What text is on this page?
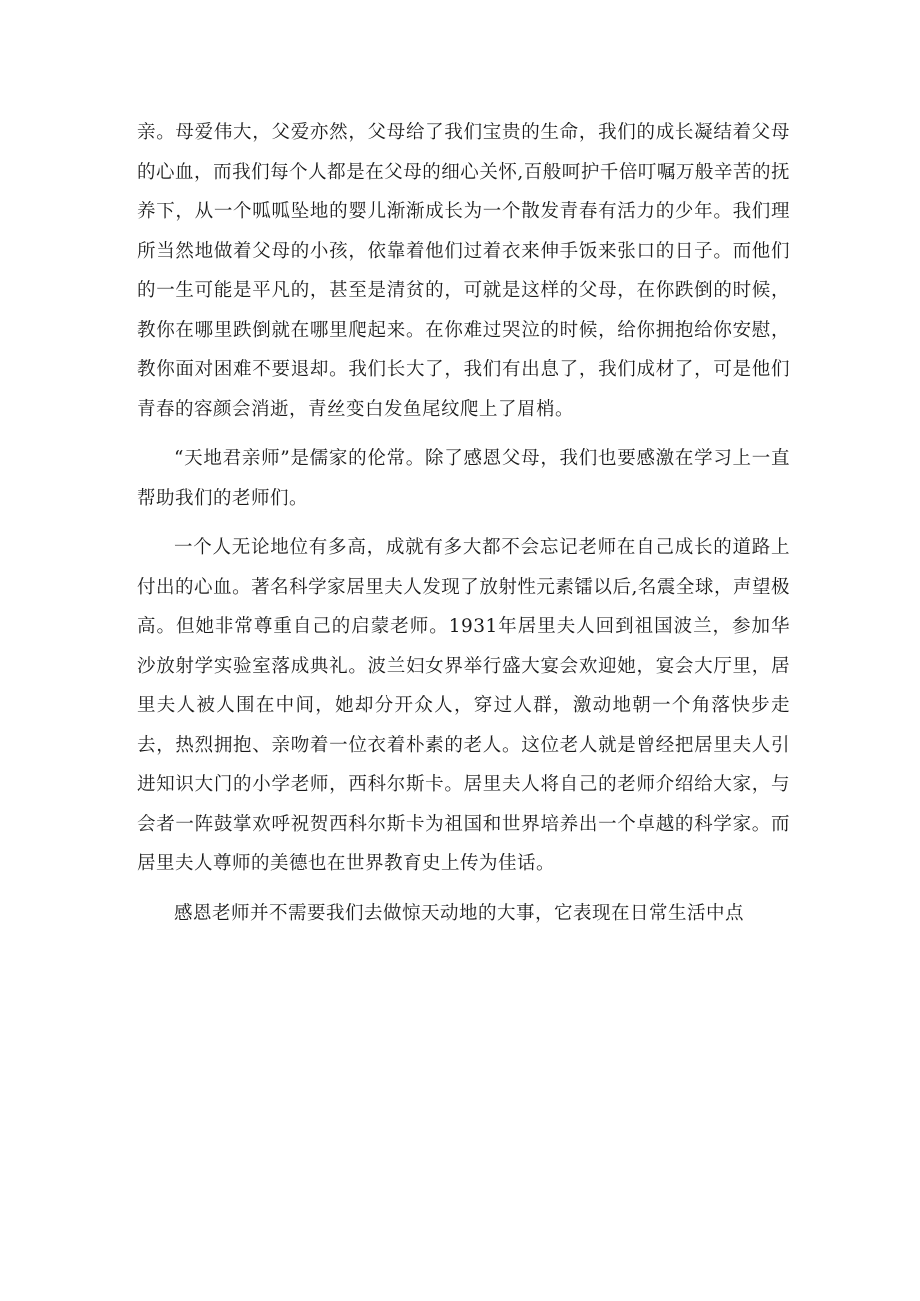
亲。母爱伟大，父爱亦然，父母给了我们宝贵的生命，我们的成长凝结着父母的心血，而我们每个人都是在父母的细心关怀,百般呵护千倍叮嘱万般辛苦的抚养下，从一个呱呱坠地的婴儿渐渐成长为一个散发青春有活力的少年。我们理所当然地做着父母的小孩，依靠着他们过着衣来伸手饭来张口的日子。而他们的一生可能是平凡的，甚至是清贫的，可就是这样的父母，在你跌倒的时候，教你在哪里跌倒就在哪里爬起来。在你难过哭泣的时候，给你拥抱给你安慰，教你面对困难不要退却。我们长大了，我们有出息了，我们成材了，可是他们青春的容颜会消逝，青丝变白发鱼尾纹爬上了眉梢。

“天地君亲师”是儒家的伦常。除了感恩父母，我们也要感激在学习上一直帮助我们的老师们。

一个人无论地位有多高，成就有多大都不会忘记老师在自己成长的道路上付出的心血。著名科学家居里夫人发现了放射性元素镭以后,名震全球，声望极高。但她非常尊重自己的启蒙老师。1931年居里夫人回到祖国波兰，参加华沙放射学实验室落成典礼。波兰妇女界举行盛大宴会欢迎她，宴会大厅里，居里夫人被人围在中间，她却分开众人，穿过人群，激动地朝一个角落快步走去，热烈拥抱、亲吻着一位衣着朴素的老人。这位老人就是曾经把居里夫人引进知识大门的小学老师，西科尔斯卡。居里夫人将自己的老师介绍给大家，与会者一阵鼓掌欢呼祝贺西科尔斯卡为祖国和世界培养出一个卓越的科学家。而居里夫人尊师的美德也在世界教育史上传为佳话。

感恩老师并不需要我们去做惊天动地的大事，它表现在日常生活中点
